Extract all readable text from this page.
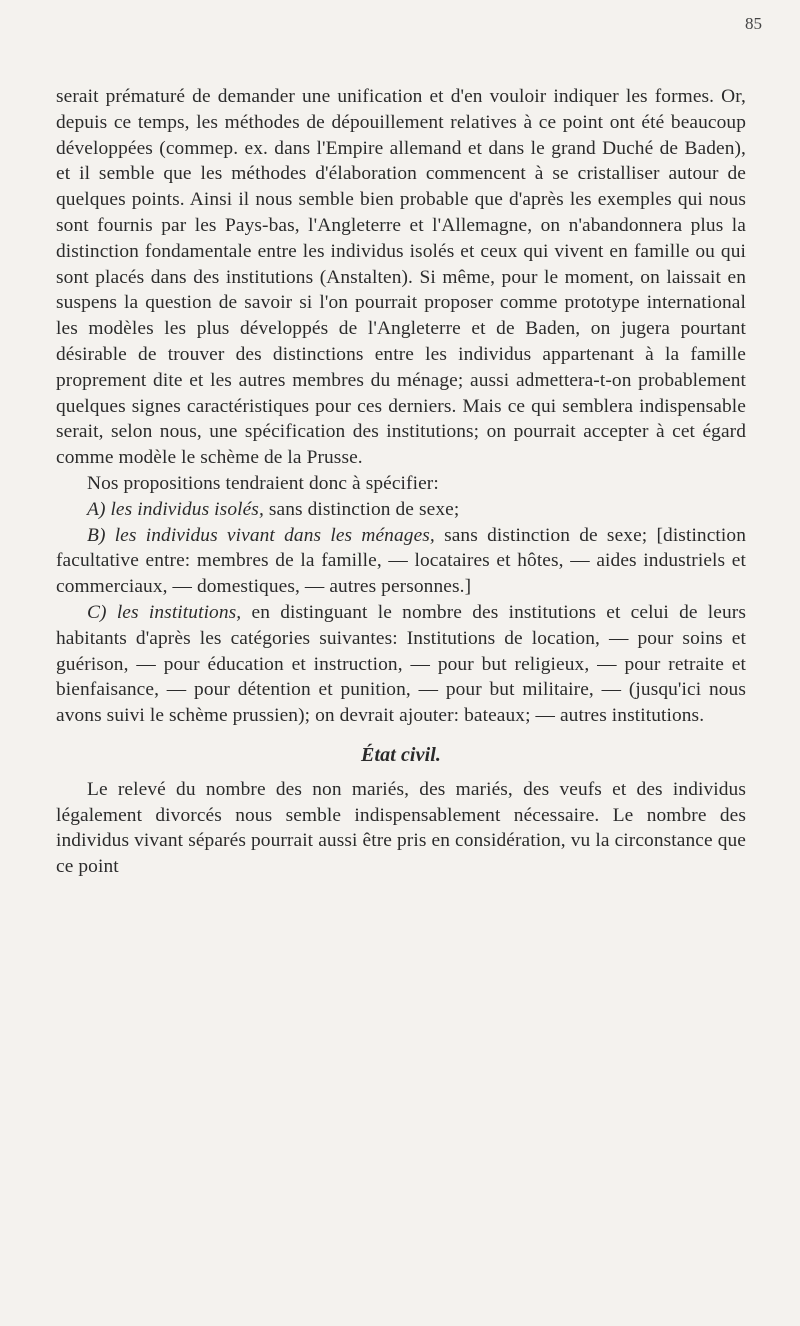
85

serait prématuré de demander une unification et d'en vouloir indiquer les formes. Or, depuis ce temps, les méthodes de dépouillement relatives à ce point ont été beaucoup développées (commep. ex. dans l'Empire allemand et dans le grand Duché de Baden), et il semble que les méthodes d'élaboration commencent à se cristalliser autour de quelques points. Ainsi il nous semble bien probable que d'après les exemples qui nous sont fournis par les Pays-bas, l'Angleterre et l'Allemagne, on n'abandonnera plus la distinction fondamentale entre les individus isolés et ceux qui vivent en famille ou qui sont placés dans des institutions (Anstalten). Si même, pour le moment, on laissait en suspens la question de savoir si l'on pourrait proposer comme prototype international les modèles les plus développés de l'Angleterre et de Baden, on jugera pourtant désirable de trouver des distinctions entre les individus appartenant à la famille proprement dite et les autres membres du ménage; aussi admettera-t-on probablement quelques signes caractéristiques pour ces derniers. Mais ce qui semblera indispensable serait, selon nous, une spécification des institutions; on pourrait accepter à cet égard comme modèle le schème de la Prusse.

Nos propositions tendraient donc à spécifier:

A) les individus isolés, sans distinction de sexe;

B) les individus vivant dans les ménages, sans distinction de sexe; [distinction facultative entre: membres de la famille, — locataires et hôtes, — aides industriels et commerciaux, — domestiques, — autres personnes.]

C) les institutions, en distinguant le nombre des institutions et celui de leurs habitants d'après les catégories suivantes: Institutions de location, — pour soins et guérison, — pour éducation et instruction, — pour but religieux, — pour retraite et bienfaisance, — pour détention et punition, — pour but militaire, — (jusqu'ici nous avons suivi le schème prussien); on devrait ajouter: bateaux; — autres institutions.

État civil.

Le relevé du nombre des non mariés, des mariés, des veufs et des individus légalement divorcés nous semble indispensablement nécessaire. Le nombre des individus vivant séparés pourrait aussi être pris en considération, vu la circonstance que ce point
